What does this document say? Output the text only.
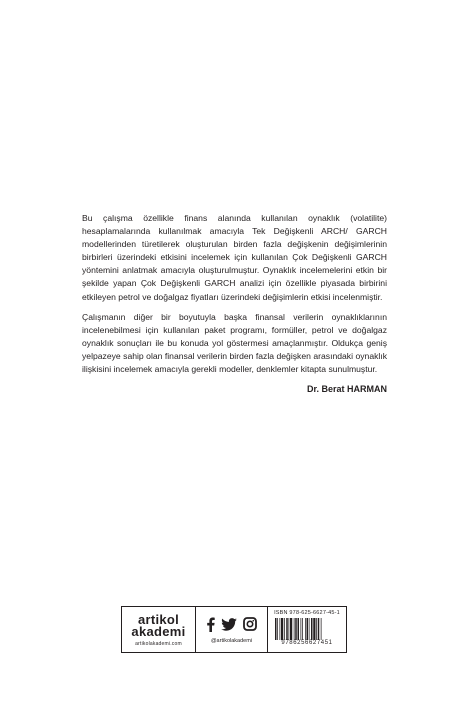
Bu çalışma özellikle finans alanında kullanılan oynaklık (volatilite) hesaplamalarında kullanılmak amacıyla Tek Değişkenli ARCH/ GARCH modellerinden türetilerek oluşturulan birden fazla değişkenin değişimlerinin birbirleri üzerindeki etkisini incelemek için kullanılan Çok Değişkenli GARCH yöntemini anlatmak amacıyla oluşturulmuştur. Oynaklık incelemelerini etkin bir şekilde yapan Çok Değişkenli GARCH analizi için özellikle piyasada birbirini etkileyen petrol ve doğalgaz fiyatları üzerindeki değişimlerin etkisi incelenmiştir.

Çalışmanın diğer bir boyutuyla başka finansal verilerin oynaklıklarının incelenebilmesi için kullanılan paket programı, formüller, petrol ve doğalgaz oynaklık sonuçları ile bu konuda yol göstermesi amaçlanmıştır. Oldukça geniş yelpazeye sahip olan finansal verilerin birden fazla değişken arasındaki oynaklık ilişkisini incelemek amacıyla gerekli modeller, denklemler kitapta sunulmuştur.

Dr. Berat HARMAN
artikol
akademi
artikolakademi.com	@artikolakademi
ISBN 978-625-6627-45-1
9786256627451
